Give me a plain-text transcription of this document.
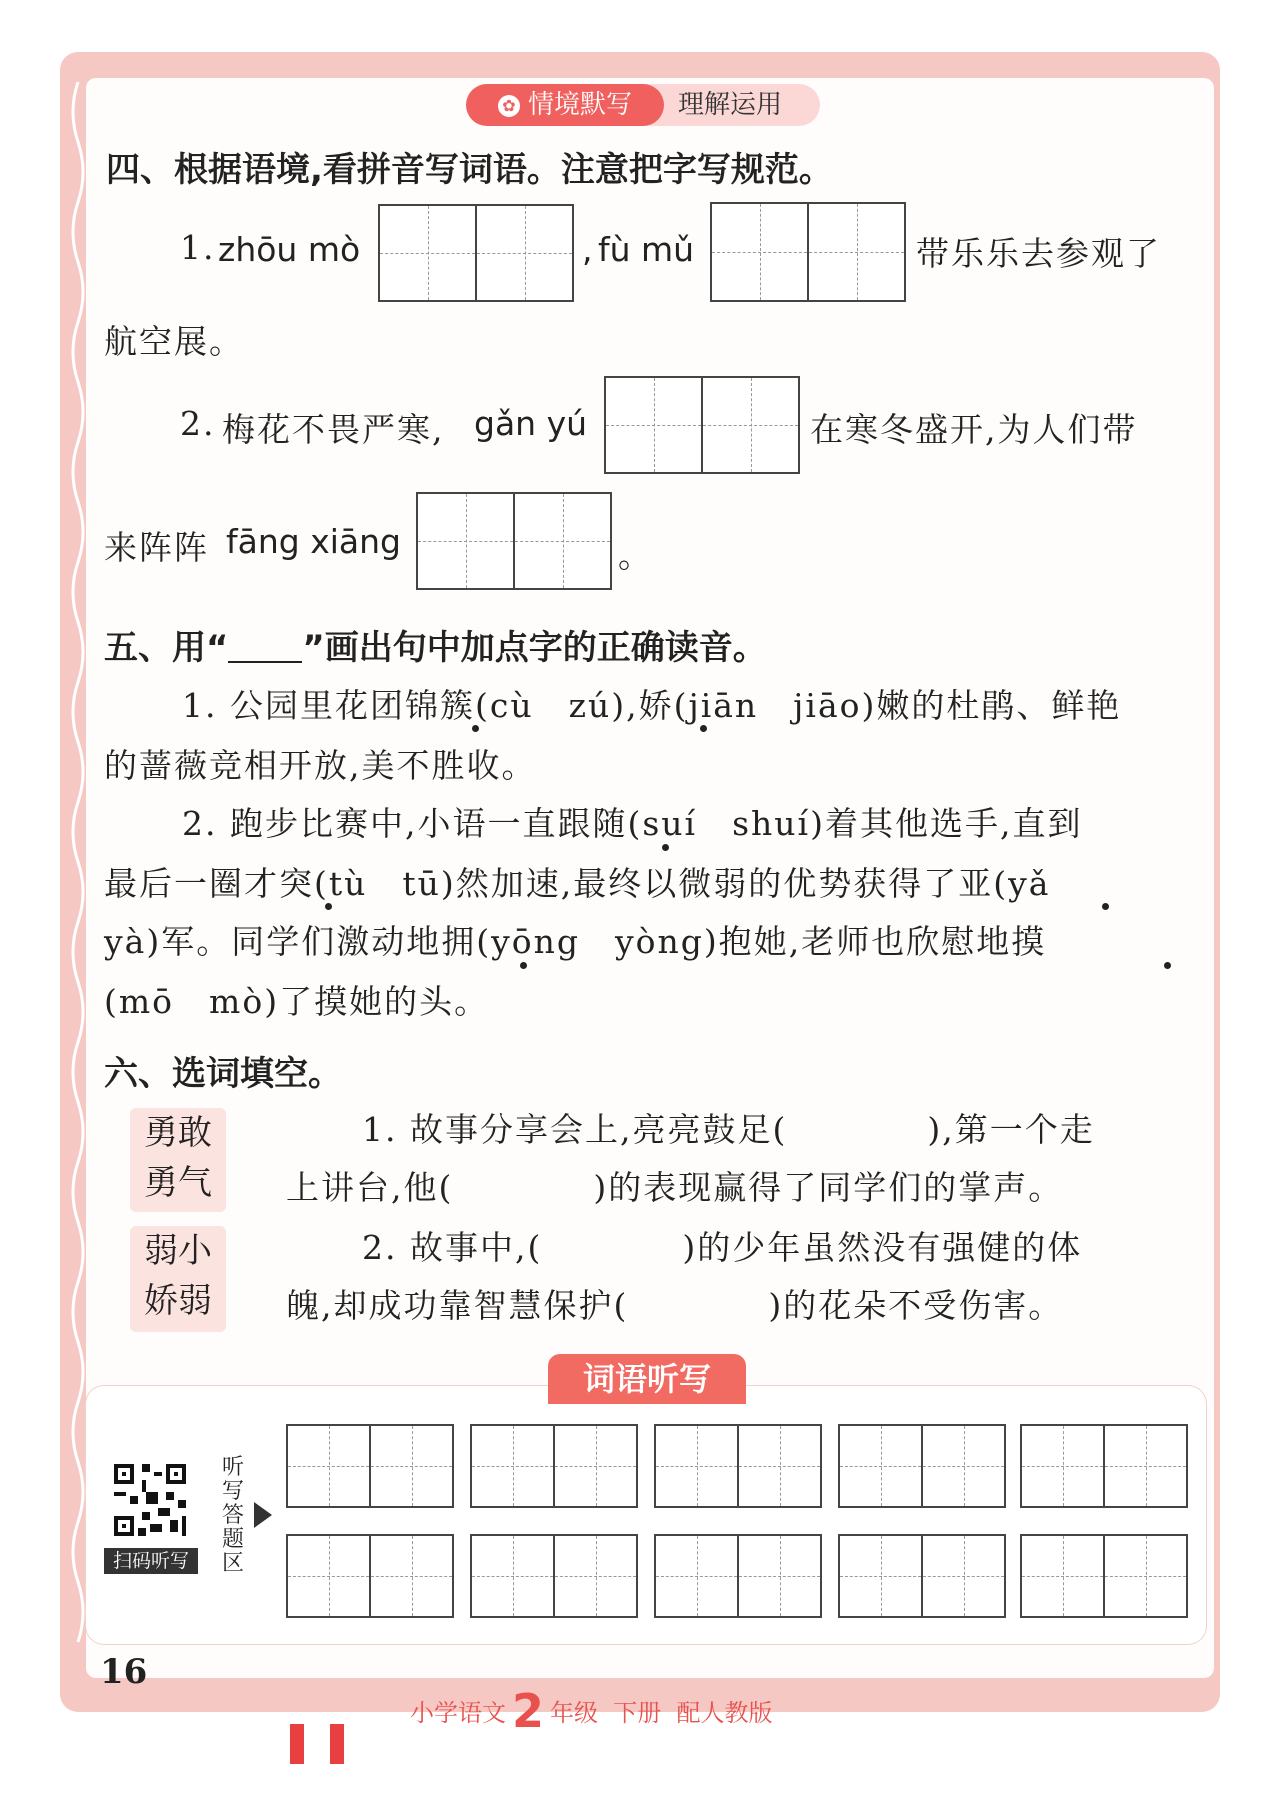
✿ 情境默写	理解运用
四、根据语境,看拼音写词语。注意把字写规范。
1. zhōu mò	, fù mǔ	带乐乐去参观了
航空展。
2. 梅花不畏严寒, gǎn yú	在寒冬盛开,为人们带
来阵阵 fāng xiāng	。
五、用“ ”画出句中加点字的正确读音。
1. 公园里花团锦簇(cù　zú),娇(jiān　jiāo)嫩的杜鹃、鲜艳
的蔷薇竞相开放,美不胜收。
2. 跑步比赛中,小语一直跟随(suí　shuí)着其他选手,直到
最后一圈才突(tù　tū)然加速,最终以微弱的优势获得了亚(yǎ
yà)军。同学们激动地拥(yōng　yòng)抱她,老师也欣慰地摸
(mō　mò)了摸她的头。
六、选词填空。
勇敢
勇气
弱小
娇弱
1. 故事分享会上,亮亮鼓足(　　　　),第一个走
上讲台,他(　　　　)的表现赢得了同学们的掌声。
2. 故事中,(　　　　)的少年虽然没有强健的体
魄,却成功靠智慧保护(　　　　)的花朵不受伤害。
词语听写
扫码听写
听写答题区
16
小学语文 2 年级 下册 配人教版
